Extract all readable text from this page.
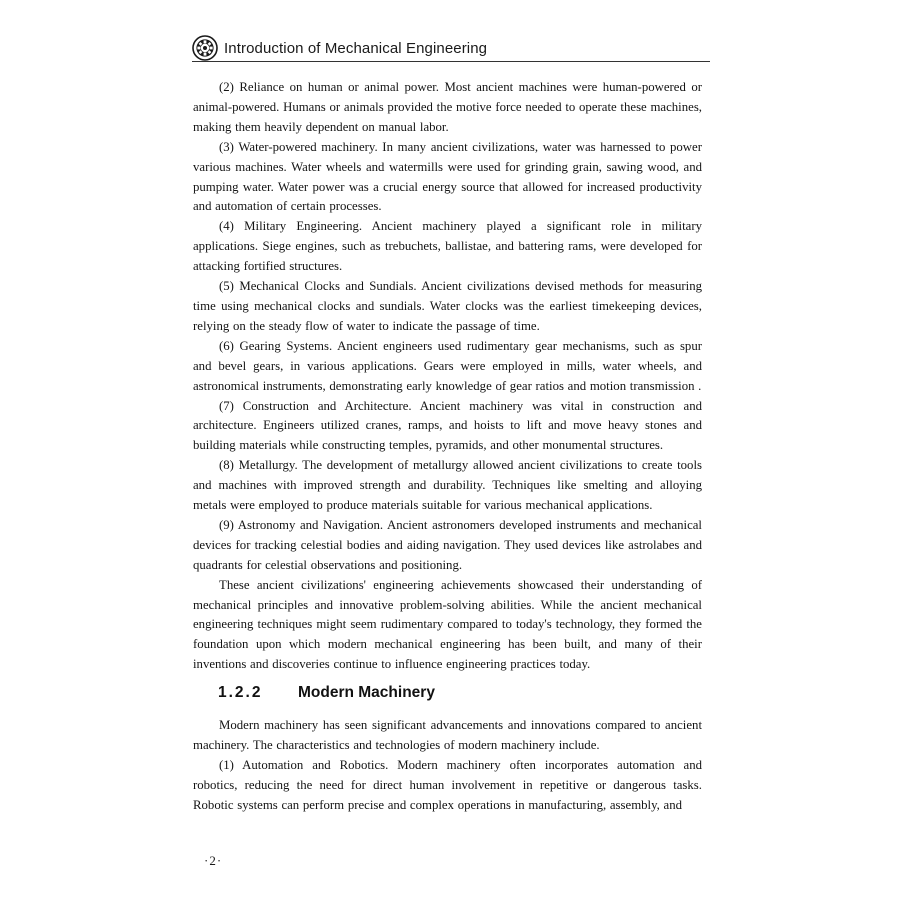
Introduction of Mechanical Engineering

(2) Reliance on human or animal power. Most ancient machines were human-powered or animal-powered. Humans or animals provided the motive force needed to operate these machines, making them heavily dependent on manual labor.

(3) Water-powered machinery. In many ancient civilizations, water was harnessed to power various machines. Water wheels and watermills were used for grinding grain, sawing wood, and pumping water. Water power was a crucial energy source that allowed for increased productivity and automation of certain processes.

(4) Military Engineering. Ancient machinery played a significant role in military applications. Siege engines, such as trebuchets, ballistae, and battering rams, were developed for attacking fortified structures.

(5) Mechanical Clocks and Sundials. Ancient civilizations devised methods for measuring time using mechanical clocks and sundials. Water clocks was the earliest timekeeping devices, relying on the steady flow of water to indicate the passage of time.

(6) Gearing Systems. Ancient engineers used rudimentary gear mechanisms, such as spur and bevel gears, in various applications. Gears were employed in mills, water wheels, and astronomical instruments, demonstrating early knowledge of gear ratios and motion transmission .

(7) Construction and Architecture. Ancient machinery was vital in construction and architecture. Engineers utilized cranes, ramps, and hoists to lift and move heavy stones and building materials while constructing temples, pyramids, and other monumental structures.

(8) Metallurgy. The development of metallurgy allowed ancient civilizations to create tools and machines with improved strength and durability. Techniques like smelting and alloying metals were employed to produce materials suitable for various mechanical applications.

(9) Astronomy and Navigation. Ancient astronomers developed instruments and mechanical devices for tracking celestial bodies and aiding navigation. They used devices like astrolabes and quadrants for celestial observations and positioning.

These ancient civilizations' engineering achievements showcased their understanding of mechanical principles and innovative problem-solving abilities. While the ancient mechanical engineering techniques might seem rudimentary compared to today's technology, they formed the foundation upon which modern mechanical engineering has been built, and many of their inventions and discoveries continue to influence engineering practices today.

1.2.2 Modern Machinery

Modern machinery has seen significant advancements and innovations compared to ancient machinery. The characteristics and technologies of modern machinery include.

(1) Automation and Robotics. Modern machinery often incorporates automation and robotics, reducing the need for direct human involvement in repetitive or dangerous tasks. Robotic systems can perform precise and complex operations in manufacturing, assembly, and

·2·
